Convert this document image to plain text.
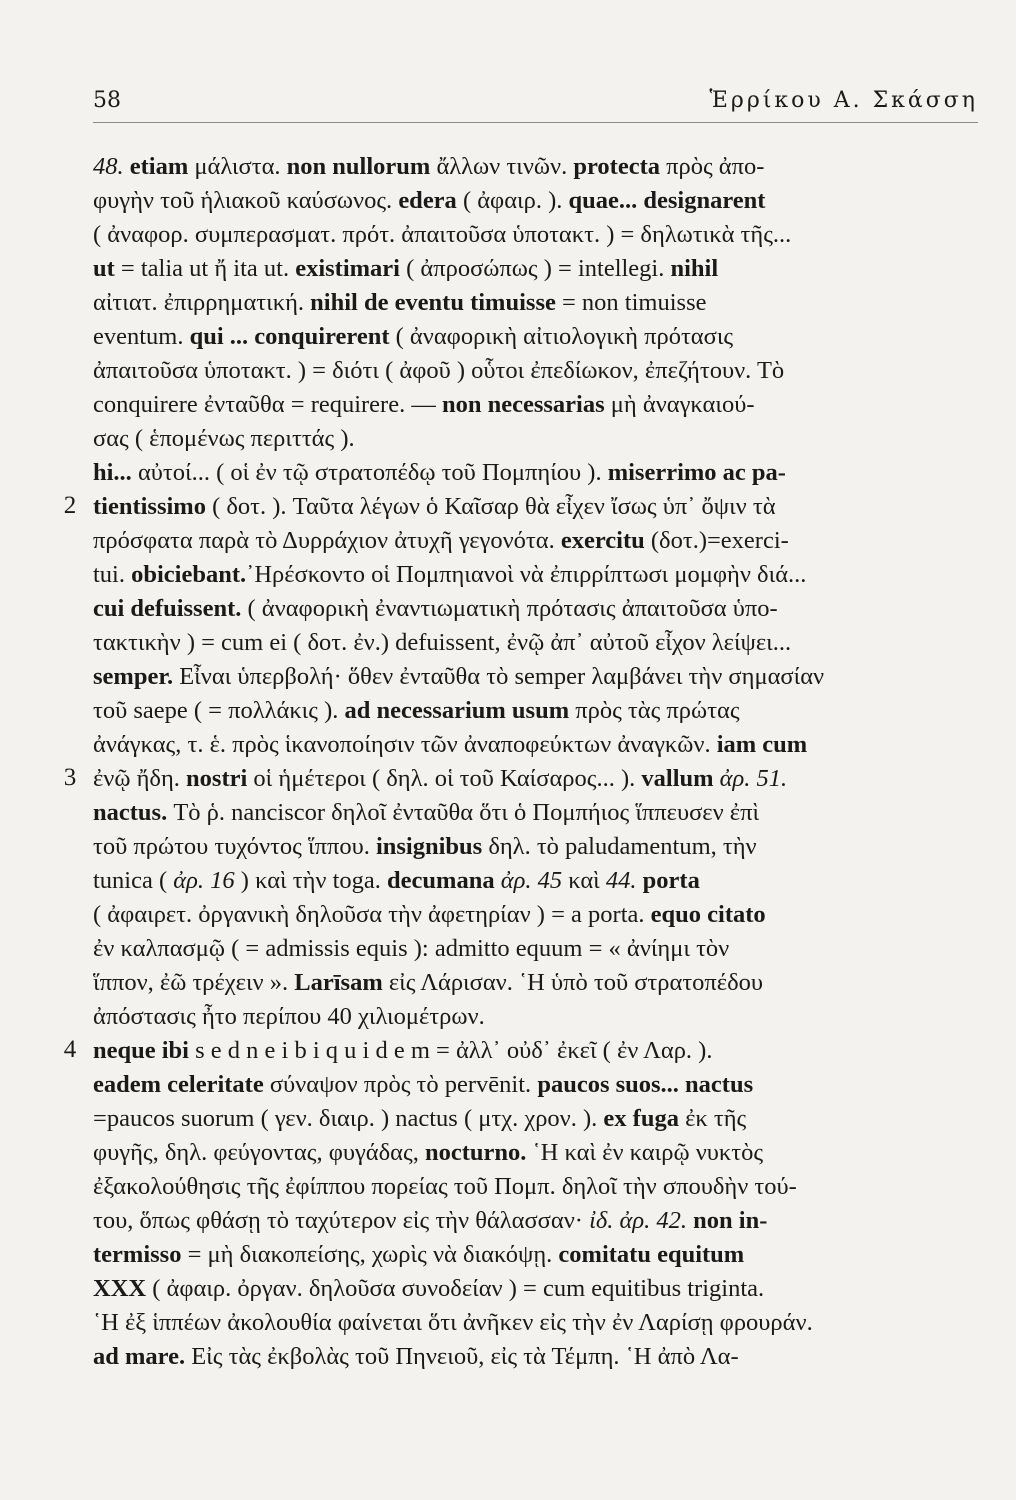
58	Ἑρρίκου Α. Σκάσση
2
3
4
48. etiam μάλιστα. non nullorum ἄλλων τινῶν. protecta πρὸς ἀπο-
φυγὴν τοῦ ἡλιακοῦ καύσωνος. edera ( ἀφαιρ. ). quae... designarent
( ἀναφορ. συμπερασματ. πρότ. ἀπαιτοῦσα ὑποτακτ. ) = δηλωτικὰ τῆς...
ut = talia ut ἤ ita ut. existimari ( ἀπροσώπως ) = intellegi. nihil
αἰτιατ. ἐπιρρηματική. nihil de eventu timuisse = non timuisse
eventum. qui ... conquirerent ( ἀναφορικὴ αἰτιολογικὴ πρότασις
ἀπαιτοῦσα ὑποτακτ. ) = διότι ( ἀφοῦ ) οὗτοι ἐπεδίωκον, ἐπεζήτουν. Τὸ
conquirere ἐνταῦθα = requirere. — non necessarias μὴ ἀναγκαιού-
σας ( ἑπομένως περιττάς ).
hi... αὐτοί... ( οἱ ἐν τῷ στρατοπέδῳ τοῦ Πομπηίου ). miserrimo ac pa-
tientissimo ( δοτ. ). Ταῦτα λέγων ὁ Καῖσαρ θὰ εἶχεν ἴσως ὑπ᾽ ὄψιν τὰ
πρόσφατα παρὰ τὸ Δυρράχιον ἀτυχῆ γεγονότα. exercitu (δοτ.)=exerci-
tui. obiciebant.᾽Ηρέσκοντο οἱ Πομπηιανοὶ νὰ ἐπιρρίπτωσι μομφὴν διά...
cui defuissent. ( ἀναφορικὴ ἐναντιωματικὴ πρότασις ἀπαιτοῦσα ὑπο-
τακτικὴν ) = cum ei ( δοτ. ἐν.) defuissent, ἐνῷ ἀπ᾽ αὐτοῦ εἶχον λείψει...
semper. Εἶναι ὑπερβολή· ὅθεν ἐνταῦθα τὸ semper λαμβάνει τὴν σημασίαν
τοῦ saepe ( = πολλάκις ). ad necessarium usum πρὸς τὰς πρώτας
ἀνάγκας, τ. ἑ. πρὸς ἱκανοποίησιν τῶν ἀναποφεύκτων ἀναγκῶν. iam cum
ἐνῷ ἤδη. nostri οἱ ἡμέτεροι ( δηλ. οἱ τοῦ Καίσαρος... ). vallum ἀρ. 51.
nactus. Τὸ ῥ. nanciscor δηλοῖ ἐνταῦθα ὅτι ὁ Πομπήιος ἵππευσεν ἐπὶ
τοῦ πρώτου τυχόντος ἵππου. insignibus δηλ. τὸ paludamentum, τὴν
tunica ( ἀρ. 16 ) καὶ τὴν toga. decumana ἀρ. 45 καὶ 44. porta
( ἀφαιρετ. ὀργανικὴ δηλοῦσα τὴν ἀφετηρίαν ) = a porta. equo citato
ἐν καλπασμῷ ( = admissis equis ): admitto equum = « ἀνίημι τὸν
ἵππον, ἐῶ τρέχειν ». Larīsam εἰς Λάρισαν. ῾Η ὑπὸ τοῦ στρατοπέδου
ἀπόστασις ἦτο περίπου 40 χιλιομέτρων.
neque ibi s e d n e i b i q u i d e m = ἀλλ᾽ οὐδ᾽ ἐκεῖ ( ἐν Λαρ. ).
eadem celeritate σύναψον πρὸς τὸ pervēnit. paucos suos... nactus
=paucos suorum ( γεν. διαιρ. ) nactus ( μτχ. χρον. ). ex fuga ἐκ τῆς
φυγῆς, δηλ. φεύγοντας, φυγάδας, nocturno. ῾Η καὶ ἐν καιρῷ νυκτὸς
ἐξακολούθησις τῆς ἐφίππου πορείας τοῦ Πομπ. δηλοῖ τὴν σπουδὴν τού-
του, ὅπως φθάσῃ τὸ ταχύτερον εἰς τὴν θάλασσαν· ἰδ. ἀρ. 42. non in-
termisso = μὴ διακοπείσης, χωρὶς νὰ διακόψῃ. comitatu equitum
XXX ( ἀφαιρ. ὀργαν. δηλοῦσα συνοδείαν ) = cum equitibus triginta.
῾Η ἐξ ἱππέων ἀκολουθία φαίνεται ὅτι ἀνῆκεν εἰς τὴν ἐν Λαρίσῃ φρουράν.
ad mare. Εἰς τὰς ἐκβολὰς τοῦ Πηνειοῦ, εἰς τὰ Τέμπη. ῾Η ἀπὸ Λα-
